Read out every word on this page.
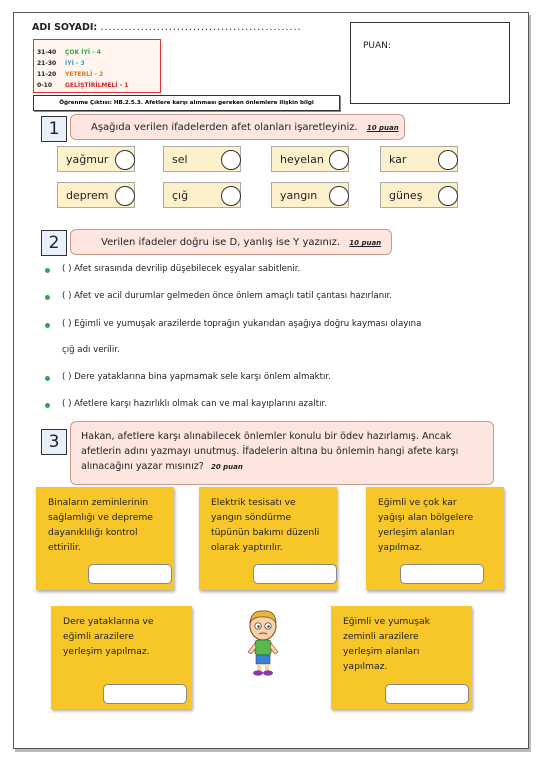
ADI SOYADI: ..................................................
31-40	ÇOK İYİ - 4
21-30	İYİ - 3
11-20	YETERLİ - 2
0-10	GELİŞTİRİLMELİ - 1
PUAN:
Öğrenme Çıktısı: HB.2.5.3. Afetlere karşı alınması gereken önlemlere ilişkin bilgi
1	Aşağıda verilen ifadelerden afet olanları işaretleyiniz. 10 puan
yağmur	sel	heyelan	kar
deprem	çığ	yangın	güneş
2	Verilen ifadeler doğru ise D, yanlış ise Y yazınız. 10 puan
( ) Afet sırasında devrilip düşebilecek eşyalar sabitlenir.
( ) Afet ve acil durumlar gelmeden önce önlem amaçlı tatil çantası hazırlanır.
( ) Eğimli ve yumuşak arazilerde toprağın yukarıdan aşağıya doğru kayması olayına
( ) Dere yataklarına bina yapmamak sele karşı önlem almaktır.
( ) Afetlere karşı hazırlıklı olmak can ve mal kayıplarını azaltır.
çığ adı verilir.
3	Hakan, afetlere karşı alınabilecek önlemler konulu bir ödev hazırlamış. Ancak
afetlerin adını yazmayı unutmuş. İfadelerin altına bu önlemin hangi afete karşı
alınacağını yazar mısınız? 20 puan
Binaların zeminlerinin
sağlamlığı ve depreme
dayanıklılığı kontrol
ettirilir.
Elektrik tesisatı ve
yangın söndürme
tüpünün bakımı düzenli
olarak yaptırılır.
Eğimli ve çok kar
yağışı alan bölgelere
yerleşim alanları
yapılmaz.
Dere yataklarına ve
eğimli arazilere
yerleşim yapılmaz.
Eğimli ve yumuşak
zeminli arazilere
yerleşim alanları
yapılmaz.
